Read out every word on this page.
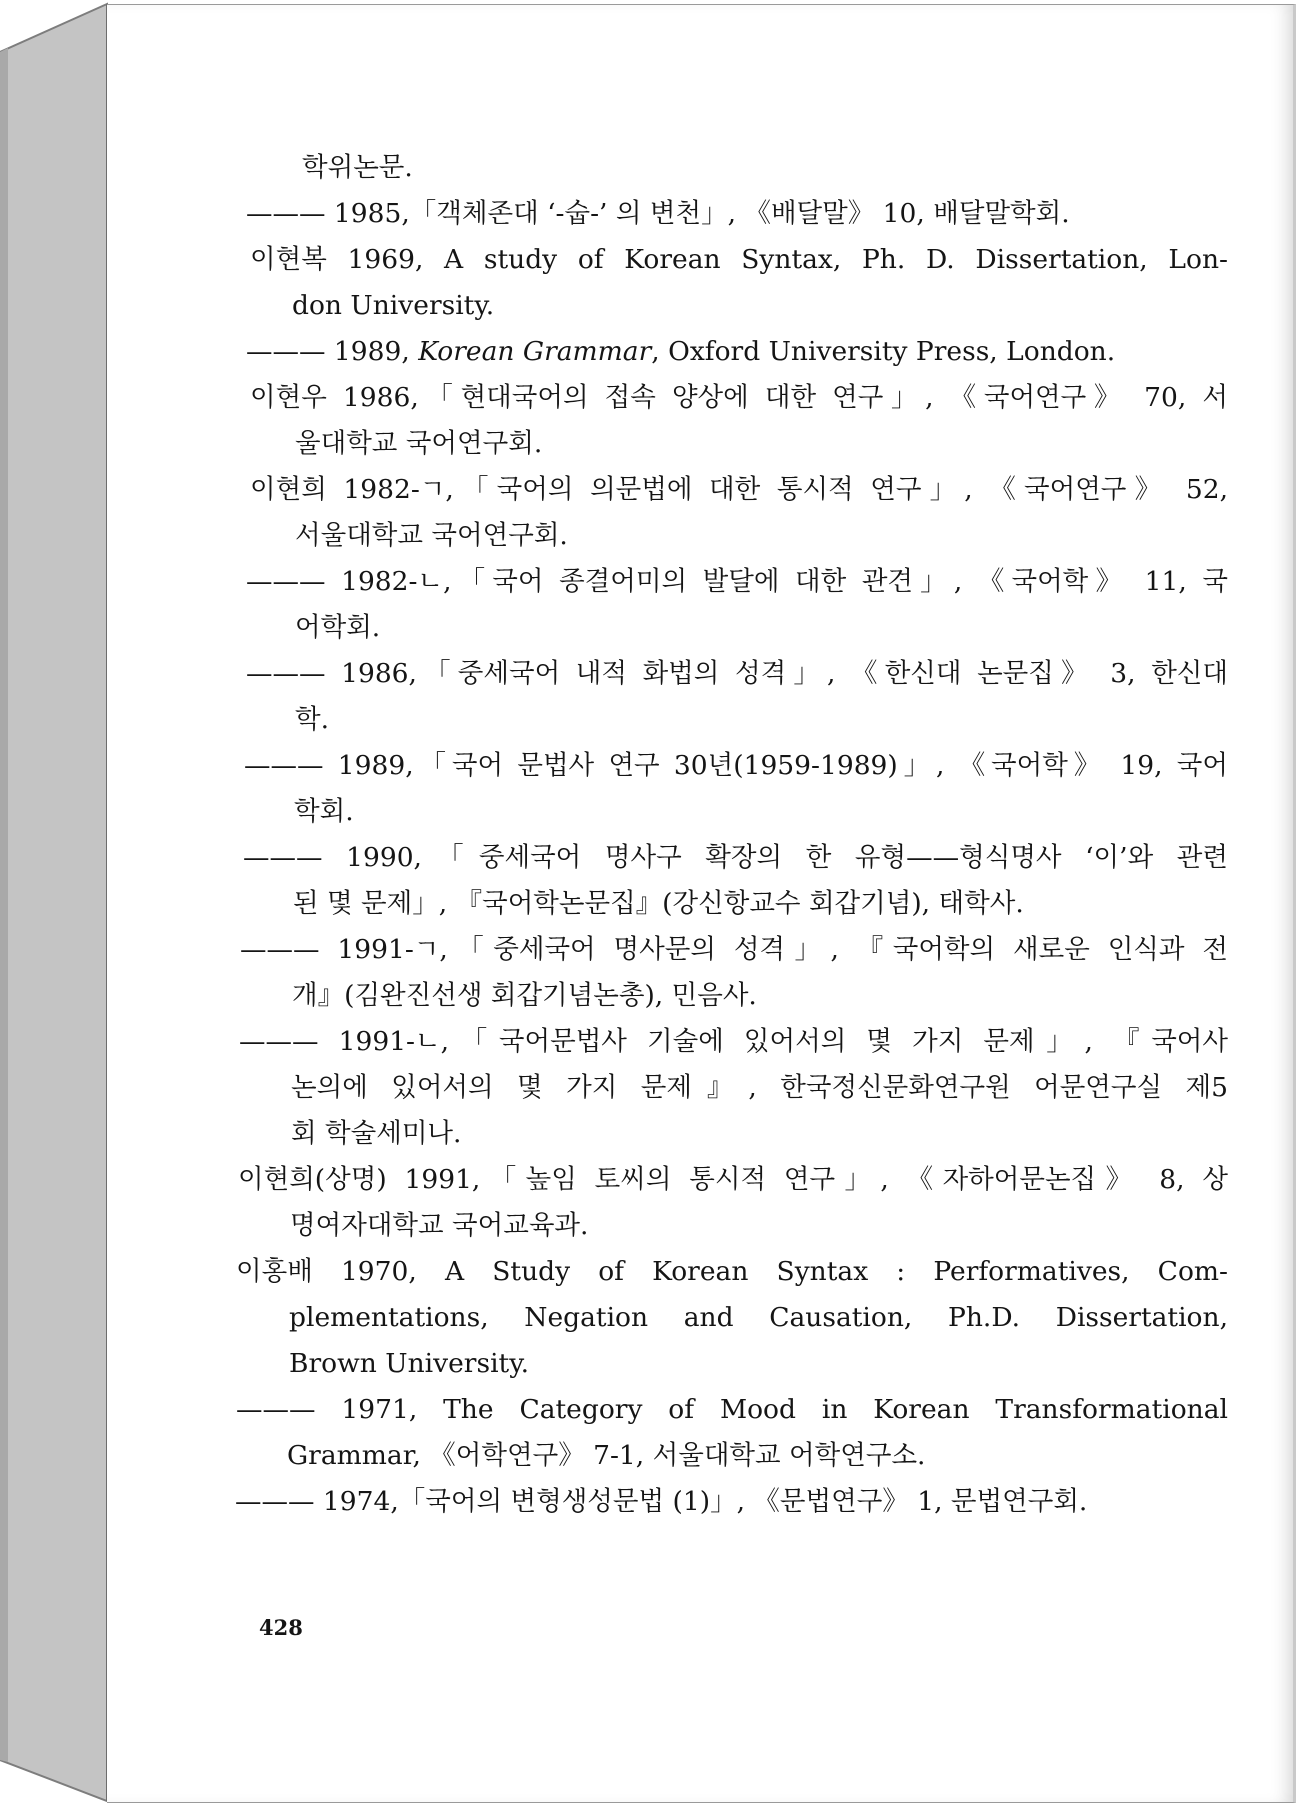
학위논문.
——— 1985,「객체존대 ‘-숩-’ 의 변천」, 《배달말》 10, 배달말학회.
이현복 1969, A study of Korean Syntax, Ph. D. Dissertation, Lon-
don University.
——— 1989, Korean Grammar, Oxford University Press, London.
이현우 1986,「현대국어의 접속 양상에 대한 연구」, 《국어연구》 70, 서
울대학교 국어연구회.
이현희 1982-ㄱ,「국어의 의문법에 대한 통시적 연구」, 《국어연구》 52,
서울대학교 국어연구회.
——— 1982-ㄴ,「국어 종결어미의 발달에 대한 관견」, 《국어학》 11, 국
어학회.
——— 1986,「중세국어 내적 화법의 성격」, 《한신대 논문집》 3, 한신대
학.
——— 1989,「국어 문법사 연구 30년(1959-1989)」, 《국어학》 19, 국어
학회.
——— 1990,「중세국어 명사구 확장의 한 유형——형식명사 ‘이’와 관련
된 몇 문제」, 『국어학논문집』(강신항교수 회갑기념), 태학사.
——— 1991-ㄱ,「중세국어 명사문의 성격」, 『국어학의 새로운 인식과 전
개』(김완진선생 회갑기념논총), 민음사.
——— 1991-ㄴ,「국어문법사 기술에 있어서의 몇 가지 문제」, 『국어사
논의에 있어서의 몇 가지 문제』, 한국정신문화연구원 어문연구실 제5
회 학술세미나.
이현희(상명) 1991,「높임 토씨의 통시적 연구」, 《자하어문논집》 8, 상
명여자대학교 국어교육과.
이홍배 1970, A Study of Korean Syntax : Performatives, Com-
plementations, Negation and Causation, Ph.D. Dissertation,
Brown University.
——— 1971, The Category of Mood in Korean Transformational
Grammar, 《어학연구》 7-1, 서울대학교 어학연구소.
——— 1974,「국어의 변형생성문법 (1)」, 《문법연구》 1, 문법연구회.
428
